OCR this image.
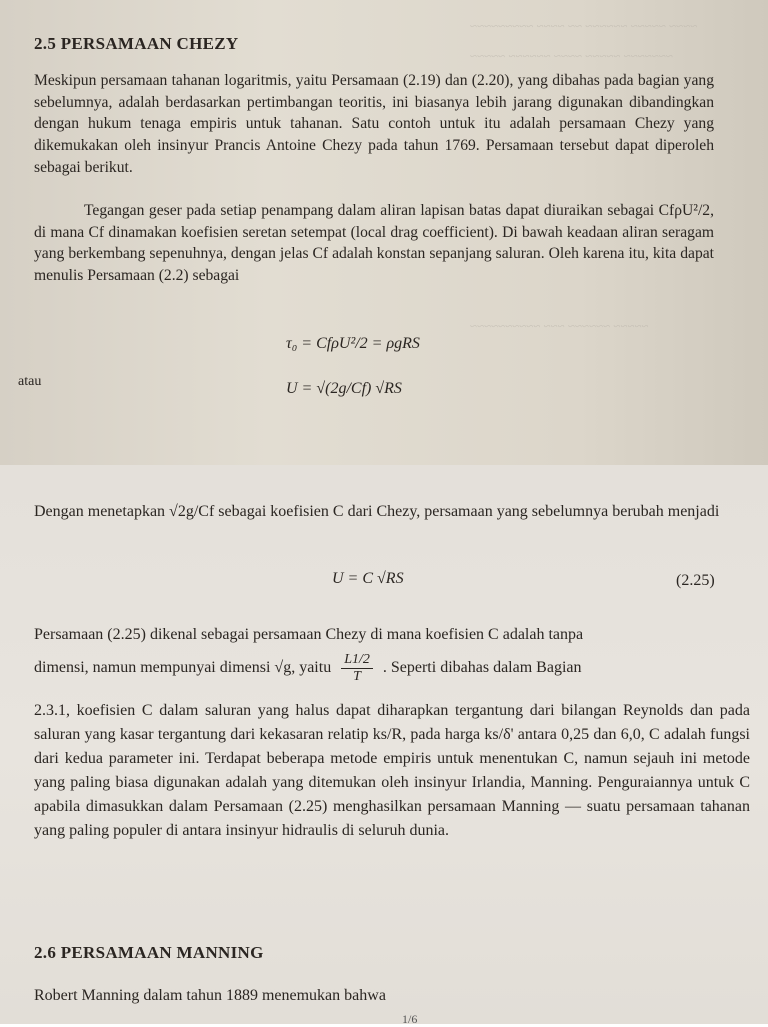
~~~~ ~~~~~ ~~~~~~ ~~ ~~~~ ~~~~~~~~~
~~~~~~~ ~~~~~ ~~~~ ~~~~~~ ~~~~~
~~~~~ ~~~~~~ ~~~ ~~~~~~~~~~
2.5 PERSAMAAN CHEZY

Meskipun persamaan tahanan logaritmis, yaitu Persamaan (2.19) dan (2.20), yang dibahas pada bagian yang sebelumnya, adalah berdasarkan pertimbangan teoritis, ini biasanya lebih jarang digunakan dibandingkan dengan hukum tenaga empiris untuk tahanan. Satu contoh untuk itu adalah persamaan Chezy yang dikemukakan oleh insinyur Prancis Antoine Chezy pada tahun 1769. Persamaan tersebut dapat diperoleh sebagai berikut.

Tegangan geser pada setiap penampang dalam aliran lapisan batas dapat diuraikan sebagai CfρU²/2, di mana Cf dinamakan koefisien seretan setempat (local drag coefficient). Di bawah keadaan aliran seragam yang berkembang sepenuhnya, dengan jelas Cf adalah konstan sepanjang saluran. Oleh karena itu, kita dapat menulis Persamaan (2.2) sebagai

τ₀ = CfρU²/2 = ρgRS
atau	U = √(2g/Cf) √RS

Dengan menetapkan √2g/Cf sebagai koefisien C dari Chezy, persamaan yang sebelumnya berubah menjadi

U = C √RS	(2.25)

Persamaan (2.25) dikenal sebagai persamaan Chezy di mana koefisien C adalah tanpa

dimensi, namun mempunyai dimensi √g, yaitu $\frac{L1/2}{T}$ . Seperti dibahas dalam Bagian

2.3.1, koefisien C dalam saluran yang halus dapat diharapkan tergantung dari bilangan Reynolds dan pada saluran yang kasar tergantung dari kekasaran relatip ks/R, pada harga ks/δ' antara 0,25 dan 6,0, C adalah fungsi dari kedua parameter ini. Terdapat beberapa metode empiris untuk menentukan C, namun sejauh ini metode yang paling biasa digunakan adalah yang ditemukan oleh insinyur Irlandia, Manning. Penguraiannya untuk C apabila dimasukkan dalam Persamaan (2.25) menghasilkan persamaan Manning — suatu persamaan tahanan yang paling populer di antara insinyur hidraulis di seluruh dunia.

2.6 PERSAMAAN MANNING

Robert Manning dalam tahun 1889 menemukan bahwa

1/6
